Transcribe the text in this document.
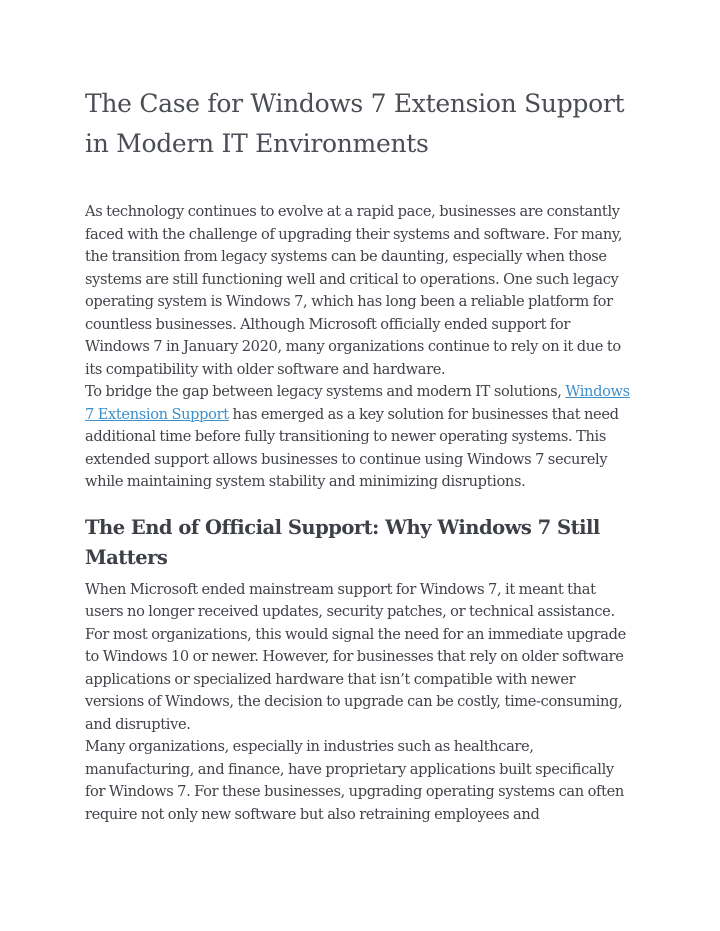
The Case for Windows 7 Extension Support in Modern IT Environments

As technology continues to evolve at a rapid pace, businesses are constantly faced with the challenge of upgrading their systems and software. For many, the transition from legacy systems can be daunting, especially when those systems are still functioning well and critical to operations. One such legacy operating system is Windows 7, which has long been a reliable platform for countless businesses. Although Microsoft officially ended support for Windows 7 in January 2020, many organizations continue to rely on it due to its compatibility with older software and hardware.

To bridge the gap between legacy systems and modern IT solutions, Windows 7 Extension Support has emerged as a key solution for businesses that need additional time before fully transitioning to newer operating systems. This extended support allows businesses to continue using Windows 7 securely while maintaining system stability and minimizing disruptions.

The End of Official Support: Why Windows 7 Still Matters

When Microsoft ended mainstream support for Windows 7, it meant that users no longer received updates, security patches, or technical assistance. For most organizations, this would signal the need for an immediate upgrade to Windows 10 or newer. However, for businesses that rely on older software applications or specialized hardware that isn’t compatible with newer versions of Windows, the decision to upgrade can be costly, time-consuming, and disruptive.

Many organizations, especially in industries such as healthcare, manufacturing, and finance, have proprietary applications built specifically for Windows 7. For these businesses, upgrading operating systems can often require not only new software but also retraining employees and
